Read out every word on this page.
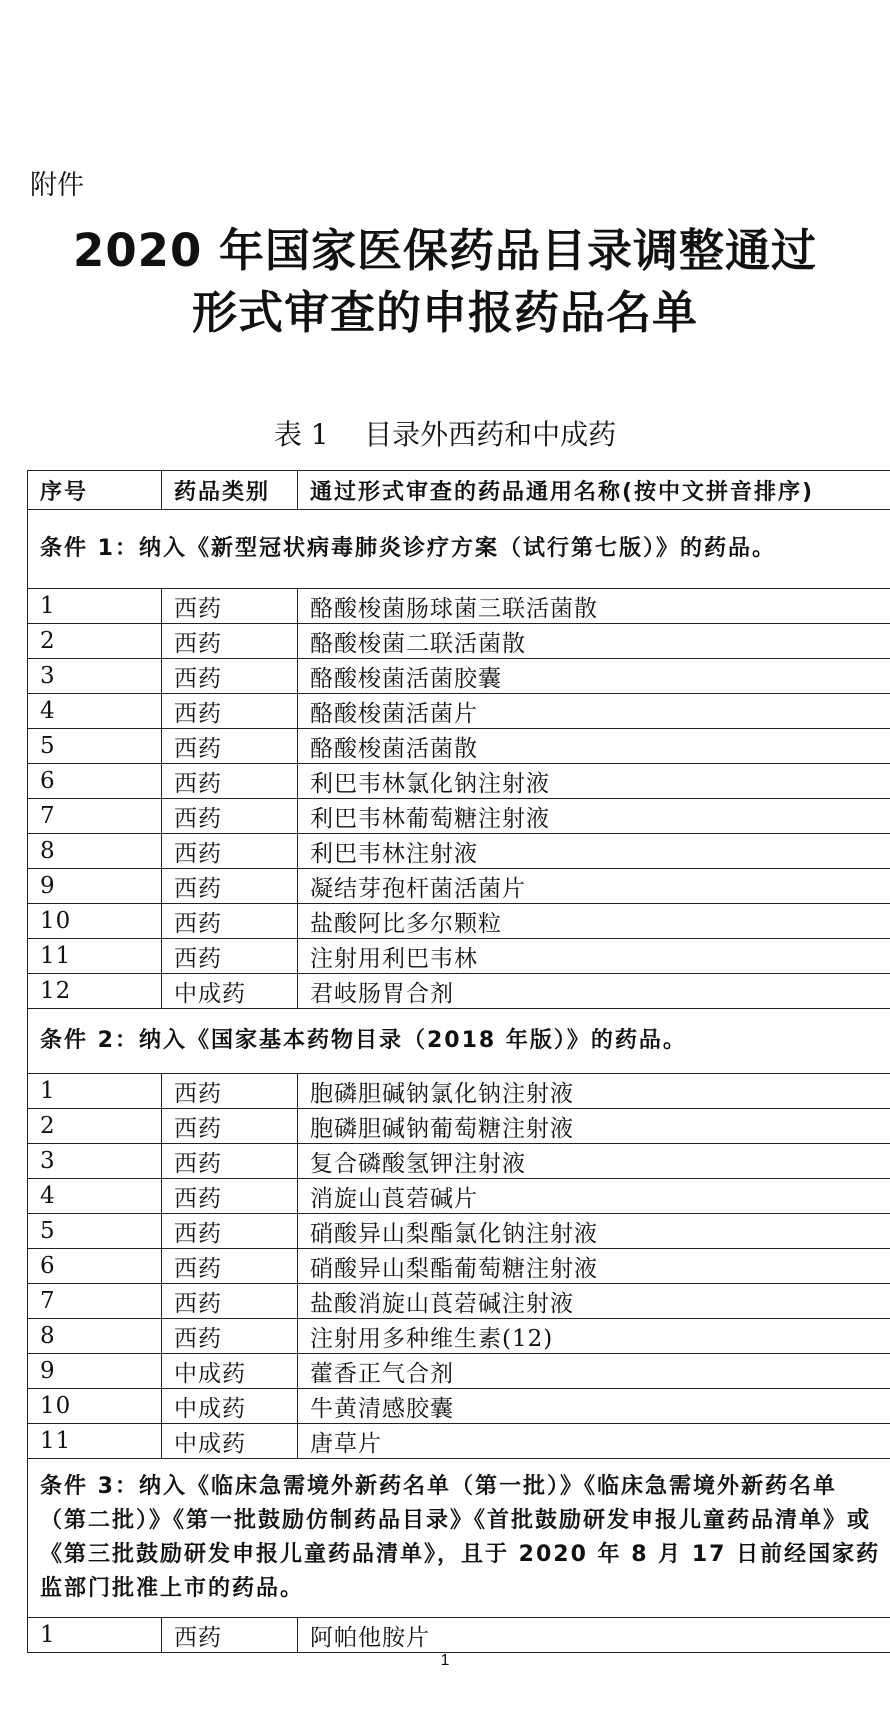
附件
2020 年国家医保药品目录调整通过
形式审查的申报药品名单
表 1    目录外西药和中成药
序号	药品类别	通过形式审查的药品通用名称(按中文拼音排序)
条件 1：纳入《新型冠状病毒肺炎诊疗方案（试行第七版）》的药品。		
1	西药	酪酸梭菌肠球菌三联活菌散
2	西药	酪酸梭菌二联活菌散
3	西药	酪酸梭菌活菌胶囊
4	西药	酪酸梭菌活菌片
5	西药	酪酸梭菌活菌散
6	西药	利巴韦林氯化钠注射液
7	西药	利巴韦林葡萄糖注射液
8	西药	利巴韦林注射液
9	西药	凝结芽孢杆菌活菌片
10	西药	盐酸阿比多尔颗粒
11	西药	注射用利巴韦林
12	中成药	君岐肠胃合剂
条件 2：纳入《国家基本药物目录（2018 年版）》的药品。		
1	西药	胞磷胆碱钠氯化钠注射液
2	西药	胞磷胆碱钠葡萄糖注射液
3	西药	复合磷酸氢钾注射液
4	西药	消旋山莨菪碱片
5	西药	硝酸异山梨酯氯化钠注射液
6	西药	硝酸异山梨酯葡萄糖注射液
7	西药	盐酸消旋山莨菪碱注射液
8	西药	注射用多种维生素(12)
9	中成药	藿香正气合剂
10	中成药	牛黄清感胶囊
11	中成药	唐草片
条件 3：纳入《临床急需境外新药名单（第一批）》《临床急需境外新药名单（第二批）》《第一批鼓励仿制药品目录》《首批鼓励研发申报儿童药品清单》或《第三批鼓励研发申报儿童药品清单》，且于 2020 年 8 月 17 日前经国家药监部门批准上市的药品。		
1	西药	阿帕他胺片
1
